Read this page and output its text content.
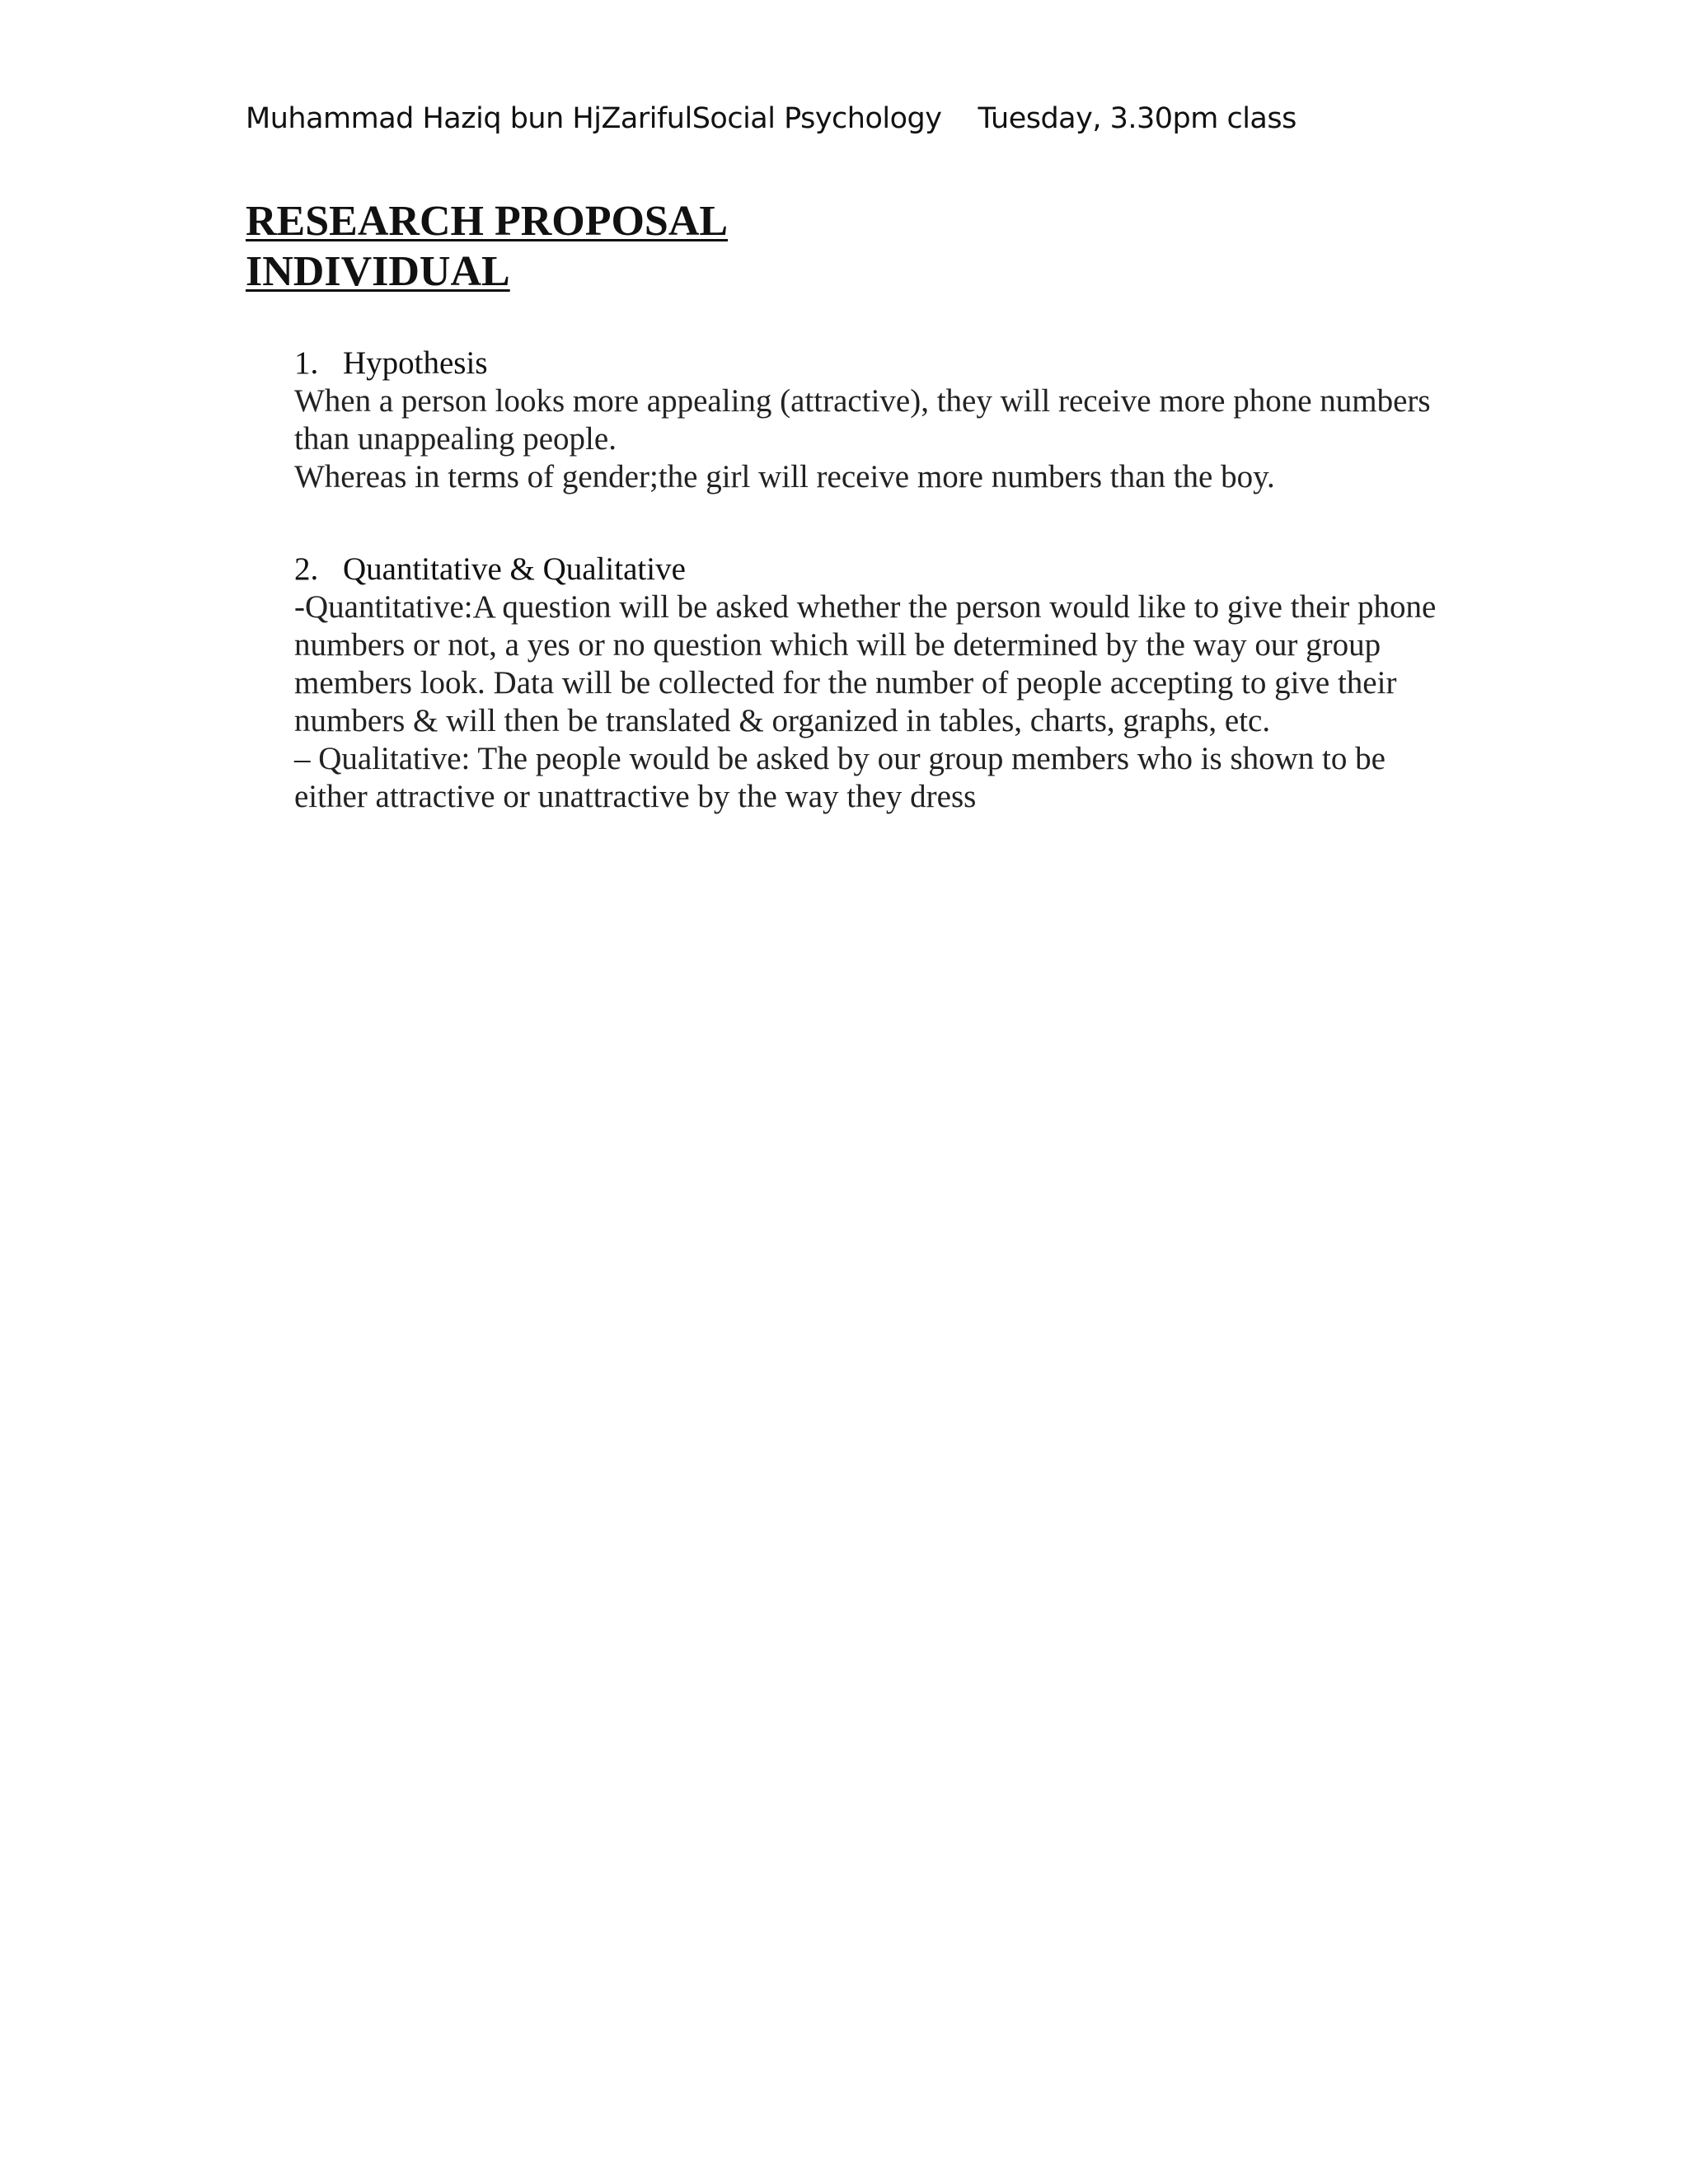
Muhammad Haziq bun HjZarifulSocial Psychology Tuesday, 3.30pm class
RESEARCH PROPOSAL
INDIVIDUAL
1. Hypothesis
When a person looks more appealing (attractive), they will receive more phone numbers than unappealing people.
Whereas in terms of gender;the girl will receive more numbers than the boy.
2. Quantitative & Qualitative
-Quantitative:A question will be asked whether the person would like to give their phone numbers or not, a yes or no question which will be determined by the way our group members look. Data will be collected for the number of people accepting to give their numbers & will then be translated & organized in tables, charts, graphs, etc.
– Qualitative: The people would be asked by our group members who is shown to be either attractive or unattractive by the way they dress
